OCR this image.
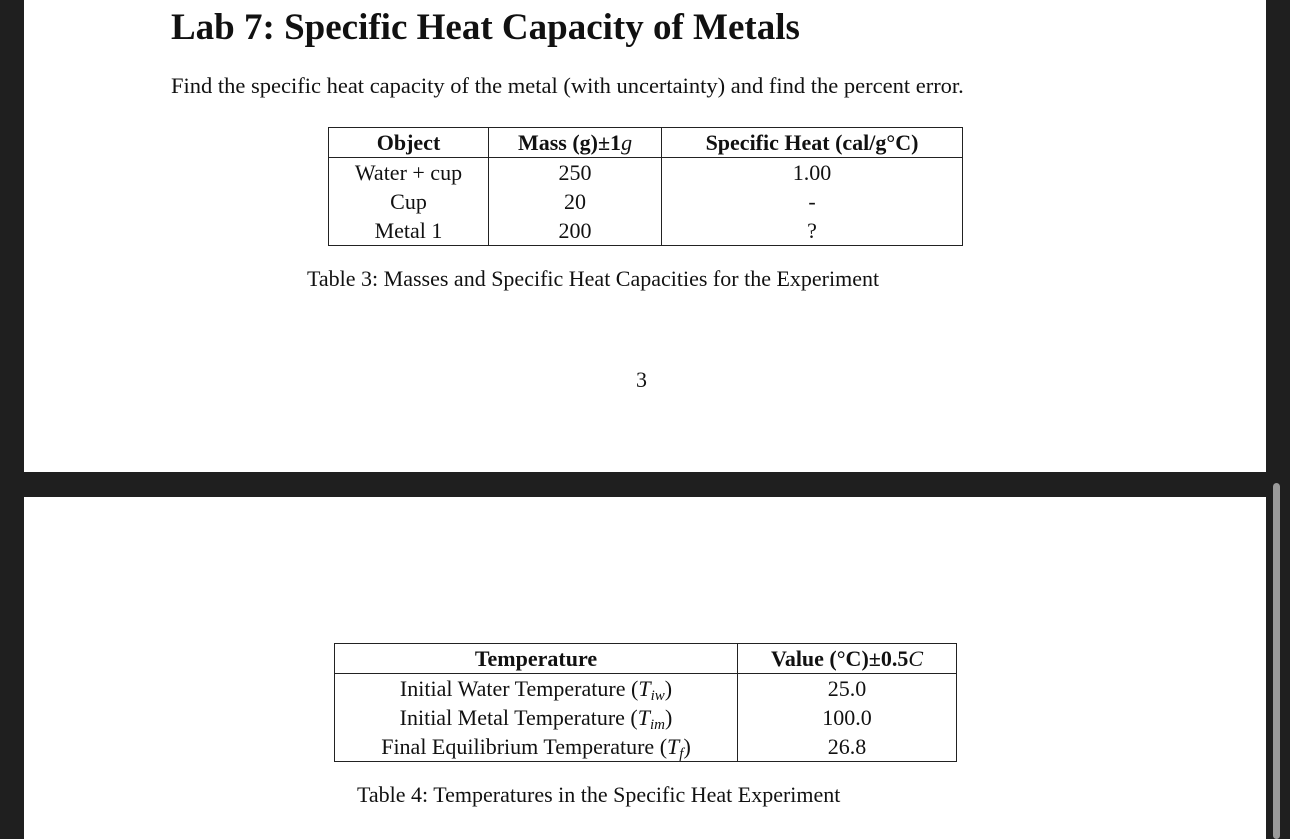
Lab 7: Specific Heat Capacity of Metals

Find the specific heat capacity of the metal (with uncertainty) and find the percent error.

Object	Mass (g)±1g	Specific Heat (cal/g°C)
Water + cup	250	1.00
Cup	20	-
Metal 1	200	?

Table 3: Masses and Specific Heat Capacities for the Experiment

3
Temperature	Value (°C)±0.5C
Initial Water Temperature $(T_{iw})$	25.0
Initial Metal Temperature $(T_{im})$	100.0
Final Equilibrium Temperature $(T_f)$	26.8

Table 4: Temperatures in the Specific Heat Experiment
